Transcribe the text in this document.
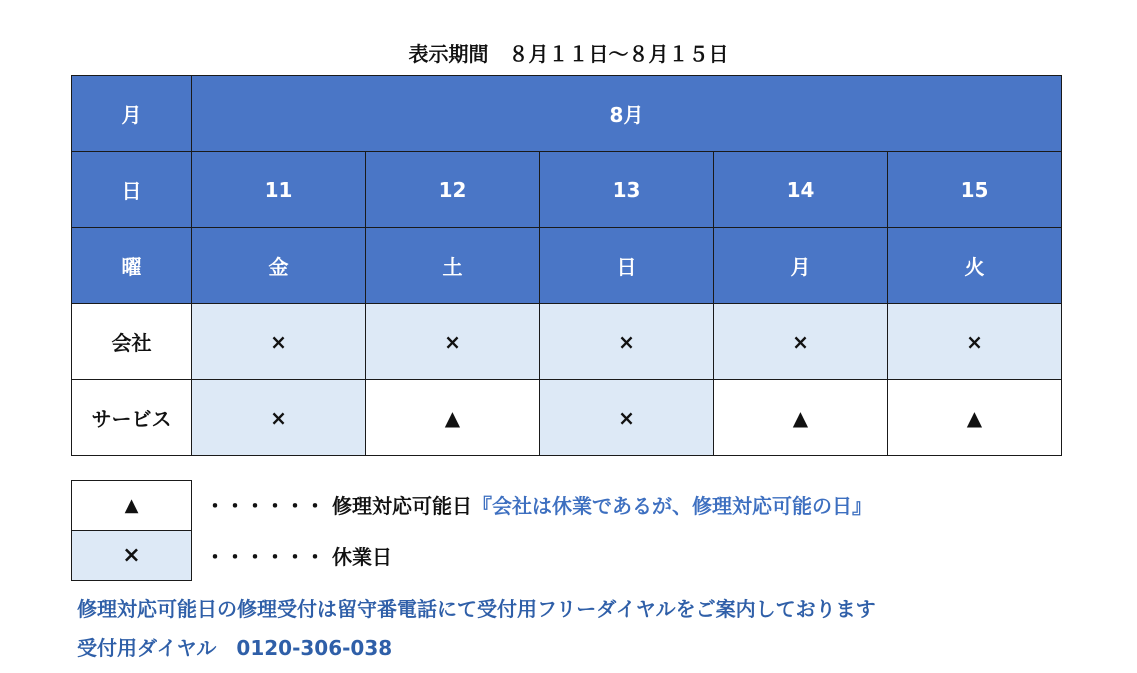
表示期間　８月１１日〜８月１５日
月	8月				
日	11	12	13	14	15
曜	金	土	日	月	火
会社	×	×	×	×	×
サービス	×	▲	×	▲	▲
▲	・・・・・・ 修理対応可能日『会社は休業であるが、修理対応可能の日』
×	・・・・・・ 休業日
修理対応可能日の修理受付は留守番電話にて受付用フリーダイヤルをご案内しております
受付用ダイヤル　0120-306-038
